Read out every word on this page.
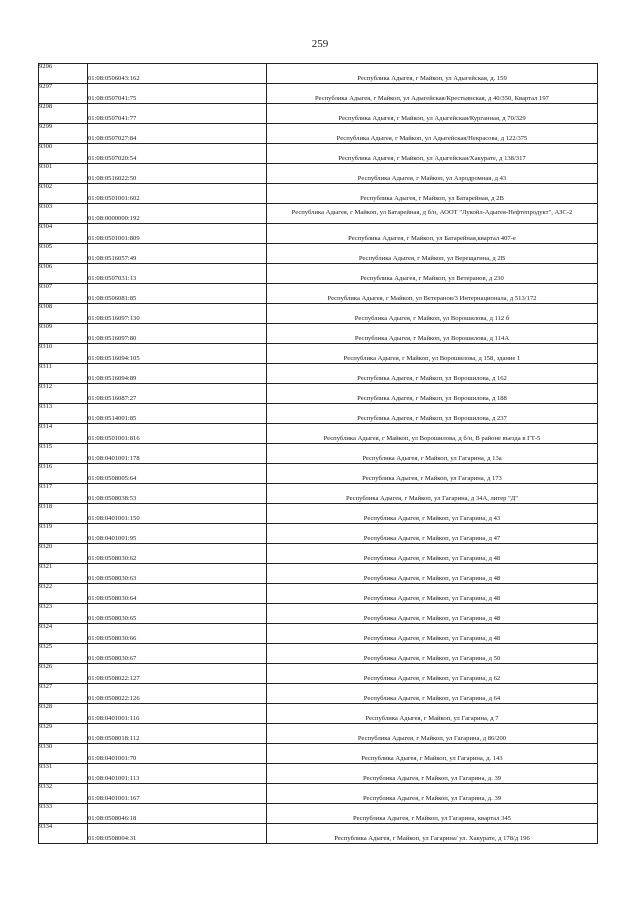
259
9296	01:08:0506043:162	Республика Адыгея, г Майкоп, ул Адыгейская, д. 159
9297	01:08:0507041:75	Республика Адыгея, г Майкоп, ул Адыгейская/Крестьянская, д 40/350, Квартал 197
9298	01:08:0507041:77	Республика Адыгея, г Майкоп, ул Адыгейская/Курганная, д 70/329
9299	01:08:0507027:84	Республика Адыгея, г Майкоп, ул Адыгейская/Некрасова, д 122/375
9300	01:08:0507020:54	Республика Адыгея, г Майкоп, ул Адыгейская/Хакурате, д 138/317
9301	01:08:0516022:50	Республика Адыгея, г Майкоп, ул Аэродромная, д 43
9302	01:08:0501001:602	Республика Адыгея, г Майкоп, ул Батарейная, д 2В
9303	01:08:0000000:192	Республика Адыгея, г Майкоп, ул Батарейная, д б/н, АООТ "Лукойл-Адыгея-Нефтепродукт", АЗС-2
9304	01:08:0501001:809	Республика Адыгея, г Майкоп, ул Батарейная,квартал 407-е
9305	01:08:0516057:49	Республика Адыгея, г Майкоп, ул Верещагина, д 2В
9306	01:08:0507031:13	Республика Адыгея, г Майкоп, ул Ветеранов, д 230
9307	01:08:0506081:85	Республика Адыгея, г Майкоп, ул Ветеранов/3 Интернационала, д 513/172
9308	01:08:0516097:130	Республика Адыгея, г Майкоп, ул Ворошилова, д 112 б
9309	01:08:0516097:80	Республика Адыгея, г Майкоп, ул Ворошилова, д 114А
9310	01:08:0516094:105	Республика Адыгея, г Майкоп, ул Ворошилова, д 158, здание 1
9311	01:08:0516094:89	Республика Адыгея, г Майкоп, ул Ворошилова, д 162
9312	01:08:0516087:27	Республика Адыгея, г Майкоп, ул Ворошилова, д 188
9313	01:08:0514001:85	Республика Адыгея, г Майкоп, ул Ворошилова, д 237
9314	01:08:0501001:816	Республика Адыгея, г Майкоп, ул Ворошилова, д б/н, В районе въезда в ГТ-5
9315	01:08:0401001:178	Республика Адыгея, г Майкоп, ул Гагарина, д 13а
9316	01:08:0508005:64	Республика Адыгея, г Майкоп, ул Гагарина, д 173
9317	01:08:0508038:53	Республика Адыгея, г Майкоп, ул Гагарина, д 34А, литер "Д"
9318	01:08:0401001:150	Республика Адыгея, г Майкоп, ул Гагарина, д 43
9319	01:08:0401001:95	Республика Адыгея, г Майкоп, ул Гагарина, д 47
9320	01:08:0508030:62	Республика Адыгея, г Майкоп, ул Гагарина, д 48
9321	01:08:0508030:63	Республика Адыгея, г Майкоп, ул Гагарина, д 48
9322	01:08:0508030:64	Республика Адыгея, г Майкоп, ул Гагарина, д 48
9323	01:08:0508030:65	Республика Адыгея, г Майкоп, ул Гагарина, д 48
9324	01:08:0508030:66	Республика Адыгея, г Майкоп, ул Гагарина, д 48
9325	01:08:0508030:67	Республика Адыгея, г Майкоп, ул Гагарина, д 50
9326	01:08:0508022:127	Республика Адыгея, г Майкоп, ул Гагарина, д 62
9327	01:08:0508022:126	Республика Адыгея, г Майкоп, ул Гагарина, д 64
9328	01:08:0401001:116	Республика Адыгея, г Майкоп, ул Гагарина, д 7
9329	01:08:0508018:112	Республика Адыгея, г Майкоп, ул Гагарина, д 86/200
9330	01:08:0401001:70	Республика Адыгея, г Майкоп, ул Гагарина, д. 143
9331	01:08:0401001:113	Республика Адыгея, г Майкоп, ул Гагарина, д. 39
9332	01:08:0401001:167	Республика Адыгея, г Майкоп, ул Гагарина, д. 39
9333	01:08:0508046:18	Республика Адыгея, г Майкоп, ул Гагарина, квартал 345
9334	01:08:0508004:31	Республика Адыгея, г Майкоп, ул Гагарина/ ул. Хакурате, д 178/д 196
